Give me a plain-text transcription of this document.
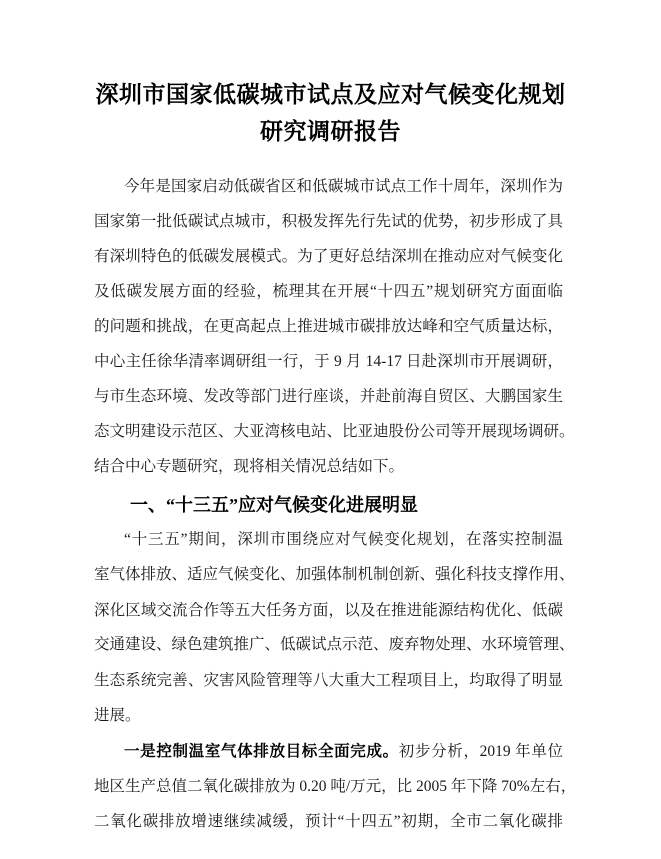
深圳市国家低碳城市试点及应对气候变化规划
研究调研报告
今年是国家启动低碳省区和低碳城市试点工作十周年，深圳作为
国家第一批低碳试点城市，积极发挥先行先试的优势，初步形成了具
有深圳特色的低碳发展模式。为了更好总结深圳在推动应对气候变化
及低碳发展方面的经验，梳理其在开展“十四五”规划研究方面面临
的问题和挑战，在更高起点上推进城市碳排放达峰和空气质量达标，
中心主任徐华清率调研组一行，于 9 月 14-17 日赴深圳市开展调研，
与市生态环境、发改等部门进行座谈，并赴前海自贸区、大鹏国家生
态文明建设示范区、大亚湾核电站、比亚迪股份公司等开展现场调研。
结合中心专题研究，现将相关情况总结如下。
一、“十三五”应对气候变化进展明显
“十三五”期间，深圳市围绕应对气候变化规划，在落实控制温
室气体排放、适应气候变化、加强体制机制创新、强化科技支撑作用、
深化区域交流合作等五大任务方面，以及在推进能源结构优化、低碳
交通建设、绿色建筑推广、低碳试点示范、废弃物处理、水环境管理、
生态系统完善、灾害风险管理等八大重大工程项目上，均取得了明显
进展。
一是控制温室气体排放目标全面完成。初步分析，2019 年单位
地区生产总值二氧化碳排放为 0.20 吨/万元，比 2005 年下降 70%左右，
二氧化碳排放增速继续减缓，预计“十四五”初期，全市二氧化碳排
